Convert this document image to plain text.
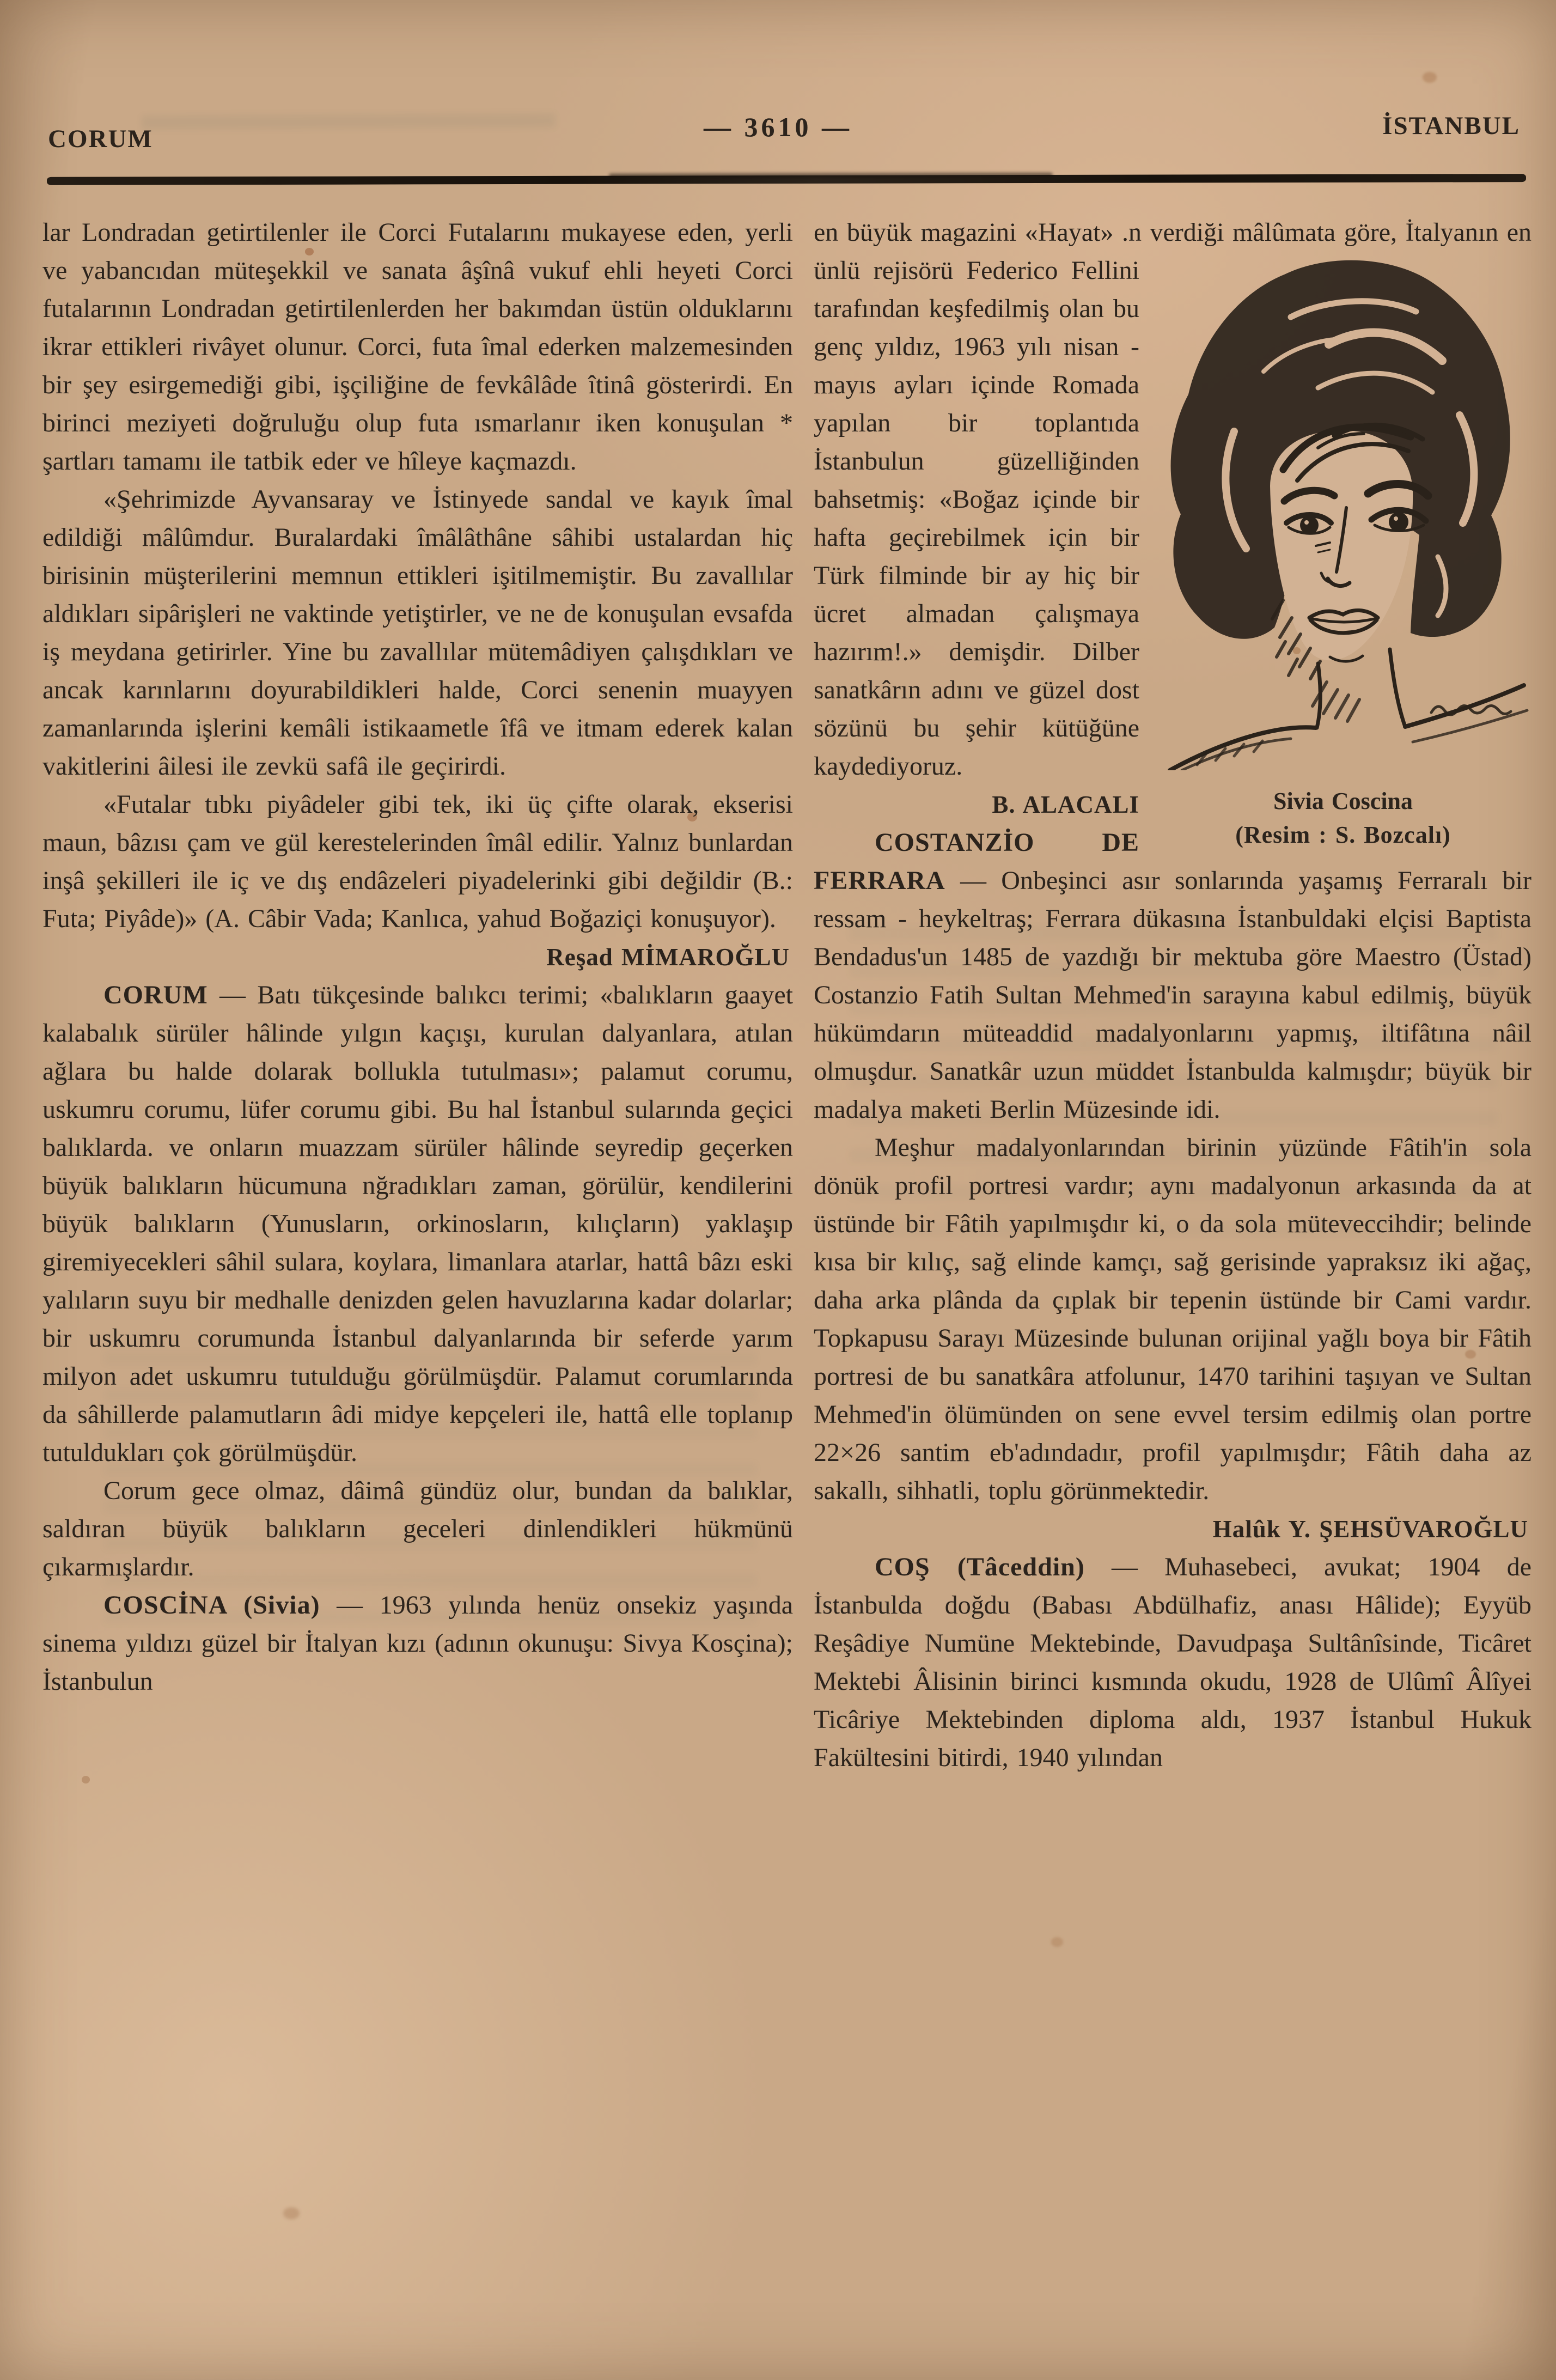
CORUM	— 3610 —	İSTANBUL

lar Londradan getirtilenler ile Corci Futalarını mukayese eden, yerli ve yabancıdan müteşekkil ve sanata âşînâ vukuf ehli heyeti Corci futalarının Londradan getirtilenlerden her bakımdan üstün olduklarını ikrar ettikleri rivâyet olunur. Corci, futa îmal ederken malzemesinden bir şey esirgemediği gibi, işçiliğine de fevkâlâde îtinâ gösterirdi. En birinci meziyeti doğruluğu olup futa ısmarlanır iken konuşulan * şartları tamamı ile tatbik eder ve hîleye kaçmazdı.

«Şehrimizde Ayvansaray ve İstinyede sandal ve kayık îmal edildiği mâlûmdur. Buralardaki îmâlâthâne sâhibi ustalardan hiç birisinin müşterilerini memnun ettikleri işitilmemiştir. Bu zavallılar aldıkları sipârişleri ne vaktinde yetiştirler, ve ne de konuşulan evsafda iş meydana getirirler. Yine bu zavallılar mütemâdiyen çalışdıkları ve ancak karınlarını doyurabildikleri halde, Corci senenin muayyen zamanlarında işlerini kemâli istikaametle îfâ ve itmam ederek kalan vakitlerini âilesi ile zevkü safâ ile geçirirdi.

«Futalar tıbkı piyâdeler gibi tek, iki üç çifte olarak, ekserisi maun, bâzısı çam ve gül kerestelerinden îmâl edilir. Yalnız bunlardan inşâ şekilleri ile iç ve dış endâzeleri piyadelerinki gibi değildir (B.: Futa; Piyâde)» (A. Câbir Vada; Kanlıca, yahud Boğaziçi konuşuyor).

Reşad MİMAROĞLU

CORUM — Batı tükçesinde balıkcı terimi; «balıkların gaayet kalabalık sürüler hâlinde yılgın kaçışı, kurulan dalyanlara, atılan ağlara bu halde dolarak bollukla tutulması»; palamut corumu, uskumru corumu, lüfer corumu gibi. Bu hal İstanbul sularında geçici balıklarda. ve onların muazzam sürüler hâlinde seyredip geçerken büyük balıkların hücumuna nğradıkları zaman, görülür, kendilerini büyük balıkların (Yunusların, orkinosların, kılıçların) yaklaşıp giremiyecekleri sâhil sulara, koylara, limanlara atarlar, hattâ bâzı eski yalıların suyu bir medhalle denizden gelen havuzlarına kadar dolarlar; bir uskumru corumunda İstanbul dalyanlarında bir seferde yarım milyon adet uskumru tutulduğu görülmüşdür. Palamut corumlarında da sâhillerde palamutların âdi midye kepçeleri ile, hattâ elle toplanıp tutuldukları çok görülmüşdür.

Corum gece olmaz, dâimâ gündüz olur, bundan da balıklar, saldıran büyük balıkların geceleri dinlendikleri hükmünü çıkarmışlardır.

COSCİNA (Sivia) — 1963 yılında henüz onsekiz yaşında sinema yıldızı güzel bir İtalyan kızı (adının okunuşu: Sivya Kosçina); İstanbulun

Sivia Coscina
(Resim : S. Bozcalı)
en büyük magazini «Hayat» .n verdiği mâlûmata göre, İtalyanın en ünlü rejisörü Federico Fellini tarafından keşfedilmiş olan bu genç yıldız, 1963 yılı nisan - mayıs ayları içinde Romada yapılan bir toplantıda İstanbulun güzelliğinden bahsetmiş: «Boğaz içinde bir hafta geçirebilmek için bir Türk filminde bir ay hiç bir ücret almadan çalışmaya hazırım!.» demişdir. Dilber sanatkârın adını ve güzel dost sözünü bu şehir kütüğüne kaydediyoruz.

B. ALACALI

COSTANZİO DE FERRARA — Onbeşinci asır sonlarında yaşamış Ferraralı bir ressam - heykeltraş; Ferrara dükasına İstanbuldaki elçisi Baptista Bendadus'un 1485 de yazdığı bir mektuba göre Maestro (Üstad) Costanzio Fatih Sultan Mehmed'in sarayına kabul edilmiş, büyük hükümdarın müteaddid madalyonlarını yapmış, iltifâtına nâil olmuşdur. Sanatkâr uzun müddet İstanbulda kalmışdır; büyük bir madalya maketi Berlin Müzesinde idi.

Meşhur madalyonlarından birinin yüzünde Fâtih'in sola dönük profil portresi vardır; aynı madalyonun arkasında da at üstünde bir Fâtih yapılmışdır ki, o da sola müteveccihdir; belinde kısa bir kılıç, sağ elinde kamçı, sağ gerisinde yapraksız iki ağaç, daha arka plânda da çıplak bir tepenin üstünde bir Cami vardır. Topkapusu Sarayı Müzesinde bulunan orijinal yağlı boya bir Fâtih portresi de bu sanatkâra atfolunur, 1470 tarihini taşıyan ve Sultan Mehmed'in ölümünden on sene evvel tersim edilmiş olan portre 22×26 santim eb'adındadır, profil yapılmışdır; Fâtih daha az sakallı, sihhatli, toplu görünmektedir.

Halûk Y. ŞEHSÜVAROĞLU

COŞ (Tâceddin) — Muhasebeci, avukat; 1904 de İstanbulda doğdu (Babası Abdülhafiz, anası Hâlide); Eyyüb Reşâdiye Numüne Mektebinde, Davudpaşa Sultânîsinde, Ticâret Mektebi Âlisinin birinci kısmında okudu, 1928 de Ulûmî Âlîyei Ticâriye Mektebinden diploma aldı, 1937 İstanbul Hukuk Fakültesini bitirdi, 1940 yılından
